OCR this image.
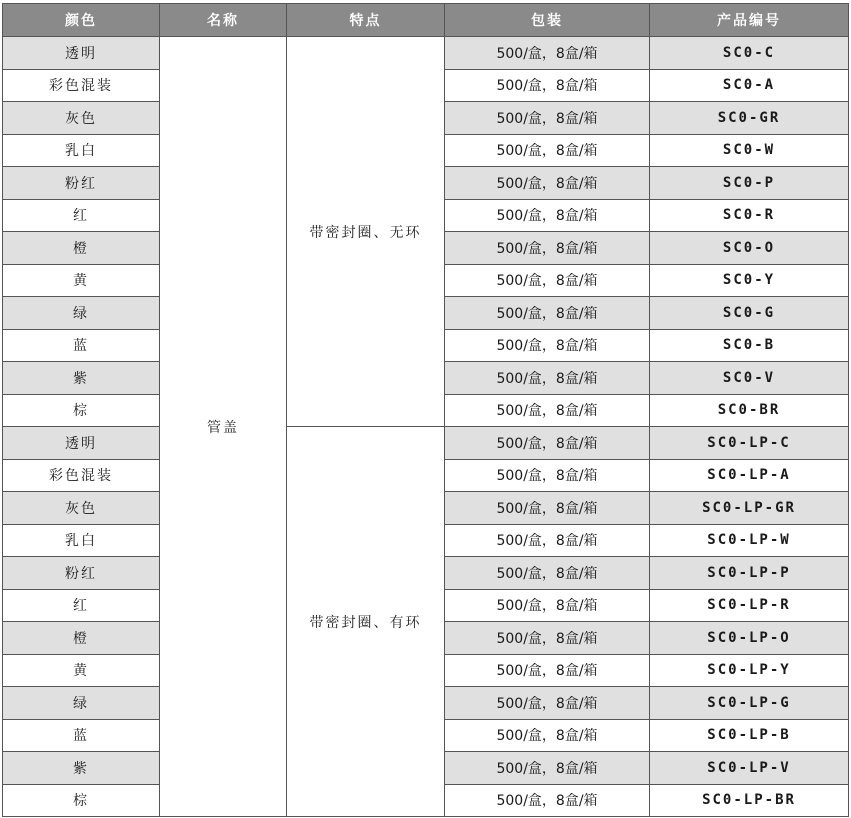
颜色	名称	特点	包装	产品编号
透明	管盖	带密封圈、无环	500/盒，8盒/箱	SC0-C
彩色混装			500/盒，8盒/箱	SC0-A
灰色			500/盒，8盒/箱	SC0-GR
乳白			500/盒，8盒/箱	SC0-W
粉红			500/盒，8盒/箱	SC0-P
红			500/盒，8盒/箱	SC0-R
橙			500/盒，8盒/箱	SC0-O
黄			500/盒，8盒/箱	SC0-Y
绿			500/盒，8盒/箱	SC0-G
蓝			500/盒，8盒/箱	SC0-B
紫			500/盒，8盒/箱	SC0-V
棕			500/盒，8盒/箱	SC0-BR
透明		带密封圈、有环	500/盒，8盒/箱	SC0-LP-C
彩色混装			500/盒，8盒/箱	SC0-LP-A
灰色			500/盒，8盒/箱	SC0-LP-GR
乳白			500/盒，8盒/箱	SC0-LP-W
粉红			500/盒，8盒/箱	SC0-LP-P
红			500/盒，8盒/箱	SC0-LP-R
橙			500/盒，8盒/箱	SC0-LP-O
黄			500/盒，8盒/箱	SC0-LP-Y
绿			500/盒，8盒/箱	SC0-LP-G
蓝			500/盒，8盒/箱	SC0-LP-B
紫			500/盒，8盒/箱	SC0-LP-V
棕			500/盒，8盒/箱	SC0-LP-BR
